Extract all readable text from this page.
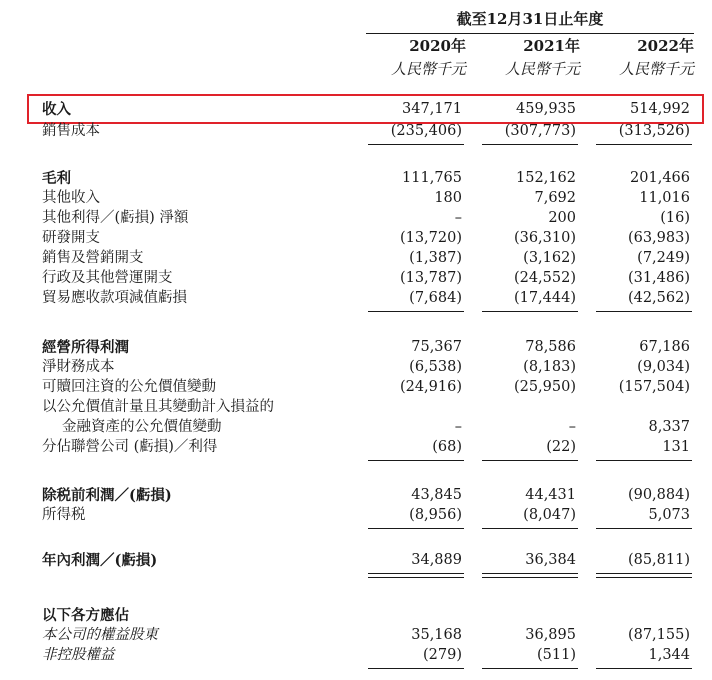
截至12月31日止年度
2020年	2021年	2022年
人民幣千元	人民幣千元	人民幣千元
收入	347,171	459,935	514,992
銷售成本	(235,406)	(307,773)	(313,526)
毛利	111,765	152,162	201,466
其他收入	180	7,692	11,016
其他利得／(虧損) 淨額	–	200	(16)
研發開支	(13,720)	(36,310)	(63,983)
銷售及營銷開支	(1,387)	(3,162)	(7,249)
行政及其他營運開支	(13,787)	(24,552)	(31,486)
貿易應收款項減值虧損	(7,684)	(17,444)	(42,562)
經營所得利潤	75,367	78,586	67,186
淨財務成本	(6,538)	(8,183)	(9,034)
可贖回注資的公允價值變動	(24,916)	(25,950)	(157,504)
以公允價值計量且其變動計入損益的
金融資產的公允價值變動	–	–	8,337
分佔聯營公司 (虧損)／利得	(68)	(22)	131
除税前利潤／(虧損)	43,845	44,431	(90,884)
所得税	(8,956)	(8,047)	5,073
年內利潤／(虧損)	34,889	36,384	(85,811)
以下各方應佔
本公司的權益股東	35,168	36,895	(87,155)
非控股權益	(279)	(511)	1,344
